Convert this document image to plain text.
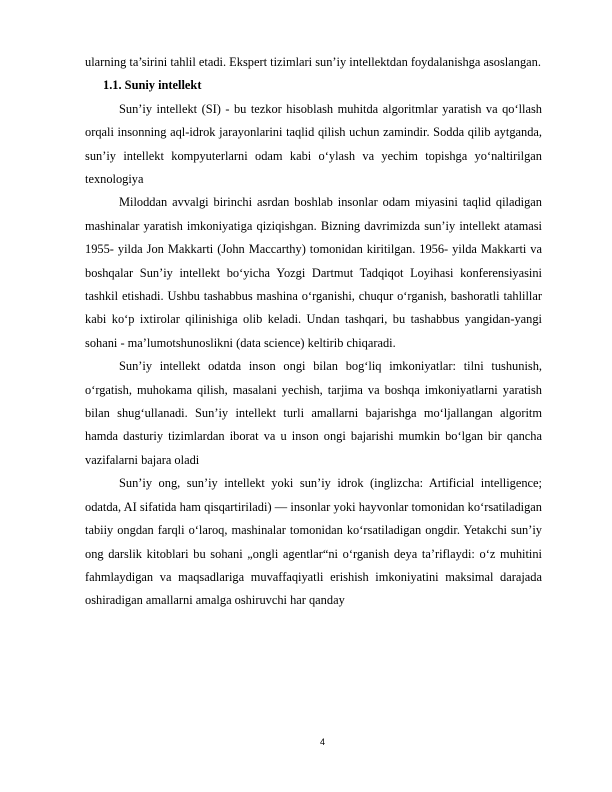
ularning ta’sirini tahlil etadi. Ekspert tizimlari sun’iy intellektdan foydalanishga asoslangan.

1.1. Suniy intellekt

Sun’iy intellekt (SI) - bu tezkor hisoblash muhitda algoritmlar yaratish va qo‘llash orqali insonning aql-idrok jarayonlarini taqlid qilish uchun zamindir. Sodda qilib aytganda, sun’iy intellekt kompyuterlarni odam kabi o‘ylash va yechim topishga yo‘naltirilgan texnologiya

Miloddan avvalgi birinchi asrdan boshlab insonlar odam miyasini taqlid qiladigan mashinalar yaratish imkoniyatiga qiziqishgan. Bizning davrimizda sun’iy intellekt atamasi 1955- yilda Jon Makkarti (John Maccarthy) tomonidan kiritilgan. 1956- yilda Makkarti va boshqalar Sun’iy intellekt bo‘yicha Yozgi Dartmut Tadqiqot Loyihasi konferensiyasini tashkil etishadi. Ushbu tashabbus mashina o‘rganishi, chuqur o‘rganish, bashoratli tahlillar kabi ko‘p ixtirolar qilinishiga olib keladi. Undan tashqari, bu tashabbus yangidan-yangi sohani - ma’lumotshunoslikni (data science) keltirib chiqaradi.

Sun’iy intellekt odatda inson ongi bilan bog‘liq imkoniyatlar: tilni tushunish, o‘rgatish, muhokama qilish, masalani yechish, tarjima va boshqa imkoniyatlarni yaratish bilan shug‘ullanadi. Sun’iy intellekt turli amallarni bajarishga mo‘ljallangan algoritm hamda dasturiy tizimlardan iborat va u inson ongi bajarishi mumkin bo‘lgan bir qancha vazifalarni bajara oladi

Sunʼiy ong, sunʼiy intellekt yoki sunʼiy idrok (inglizcha: Artificial intelligence; odatda, AI sifatida ham qisqartiriladi) — insonlar yoki hayvonlar tomonidan koʻrsatiladigan tabiiy ongdan farqli oʻlaroq, mashinalar tomonidan koʻrsatiladigan ongdir. Yetakchi sunʼiy ong darslik kitoblari bu sohani „ongli agentlar“ni oʻrganish deya taʼriflaydi: oʻz muhitini fahmlaydigan va maqsadlariga muvaffaqiyatli erishish imkoniyatini maksimal darajada oshiradigan amallarni amalga oshiruvchi har qanday

4
